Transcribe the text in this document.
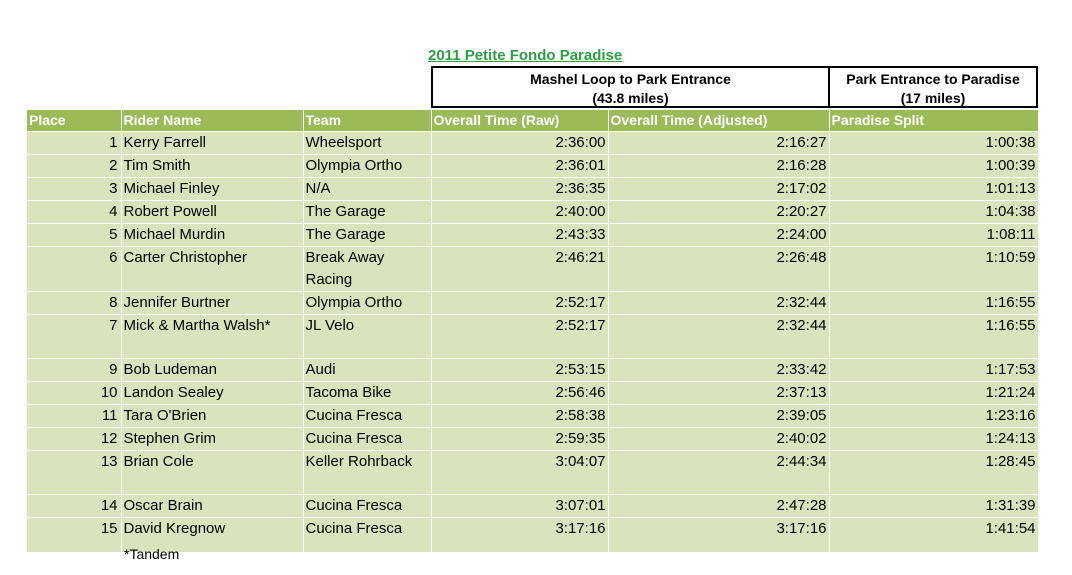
2011 Petite Fondo Paradise
Mashel Loop to Park Entrance
(43.8 miles)
Park Entrance to Paradise
(17 miles)
Place	Rider Name	Team	Overall Time (Raw)	Overall Time (Adjusted)	Paradise Split
1	Kerry Farrell	Wheelsport	2:36:00	2:16:27	1:00:38
2	Tim Smith	Olympia Ortho	2:36:01	2:16:28	1:00:39
3	Michael Finley	N/A	2:36:35	2:17:02	1:01:13
4	Robert Powell	The Garage	2:40:00	2:20:27	1:04:38
5	Michael Murdin	The Garage	2:43:33	2:24:00	1:08:11
6	Carter Christopher	Break Away Racing	2:46:21	2:26:48	1:10:59
8	Jennifer Burtner	Olympia Ortho	2:52:17	2:32:44	1:16:55
7	Mick & Martha Walsh*	JL Velo	2:52:17	2:32:44	1:16:55
9	Bob Ludeman	Audi	2:53:15	2:33:42	1:17:53
10	Landon Sealey	Tacoma Bike	2:56:46	2:37:13	1:21:24
11	Tara O'Brien	Cucina Fresca	2:58:38	2:39:05	1:23:16
12	Stephen Grim	Cucina Fresca	2:59:35	2:40:02	1:24:13
13	Brian Cole	Keller Rohrback	3:04:07	2:44:34	1:28:45
14	Oscar Brain	Cucina Fresca	3:07:01	2:47:28	1:31:39
15	David Kregnow	Cucina Fresca	3:17:16	3:17:16	1:41:54
*Tandem
